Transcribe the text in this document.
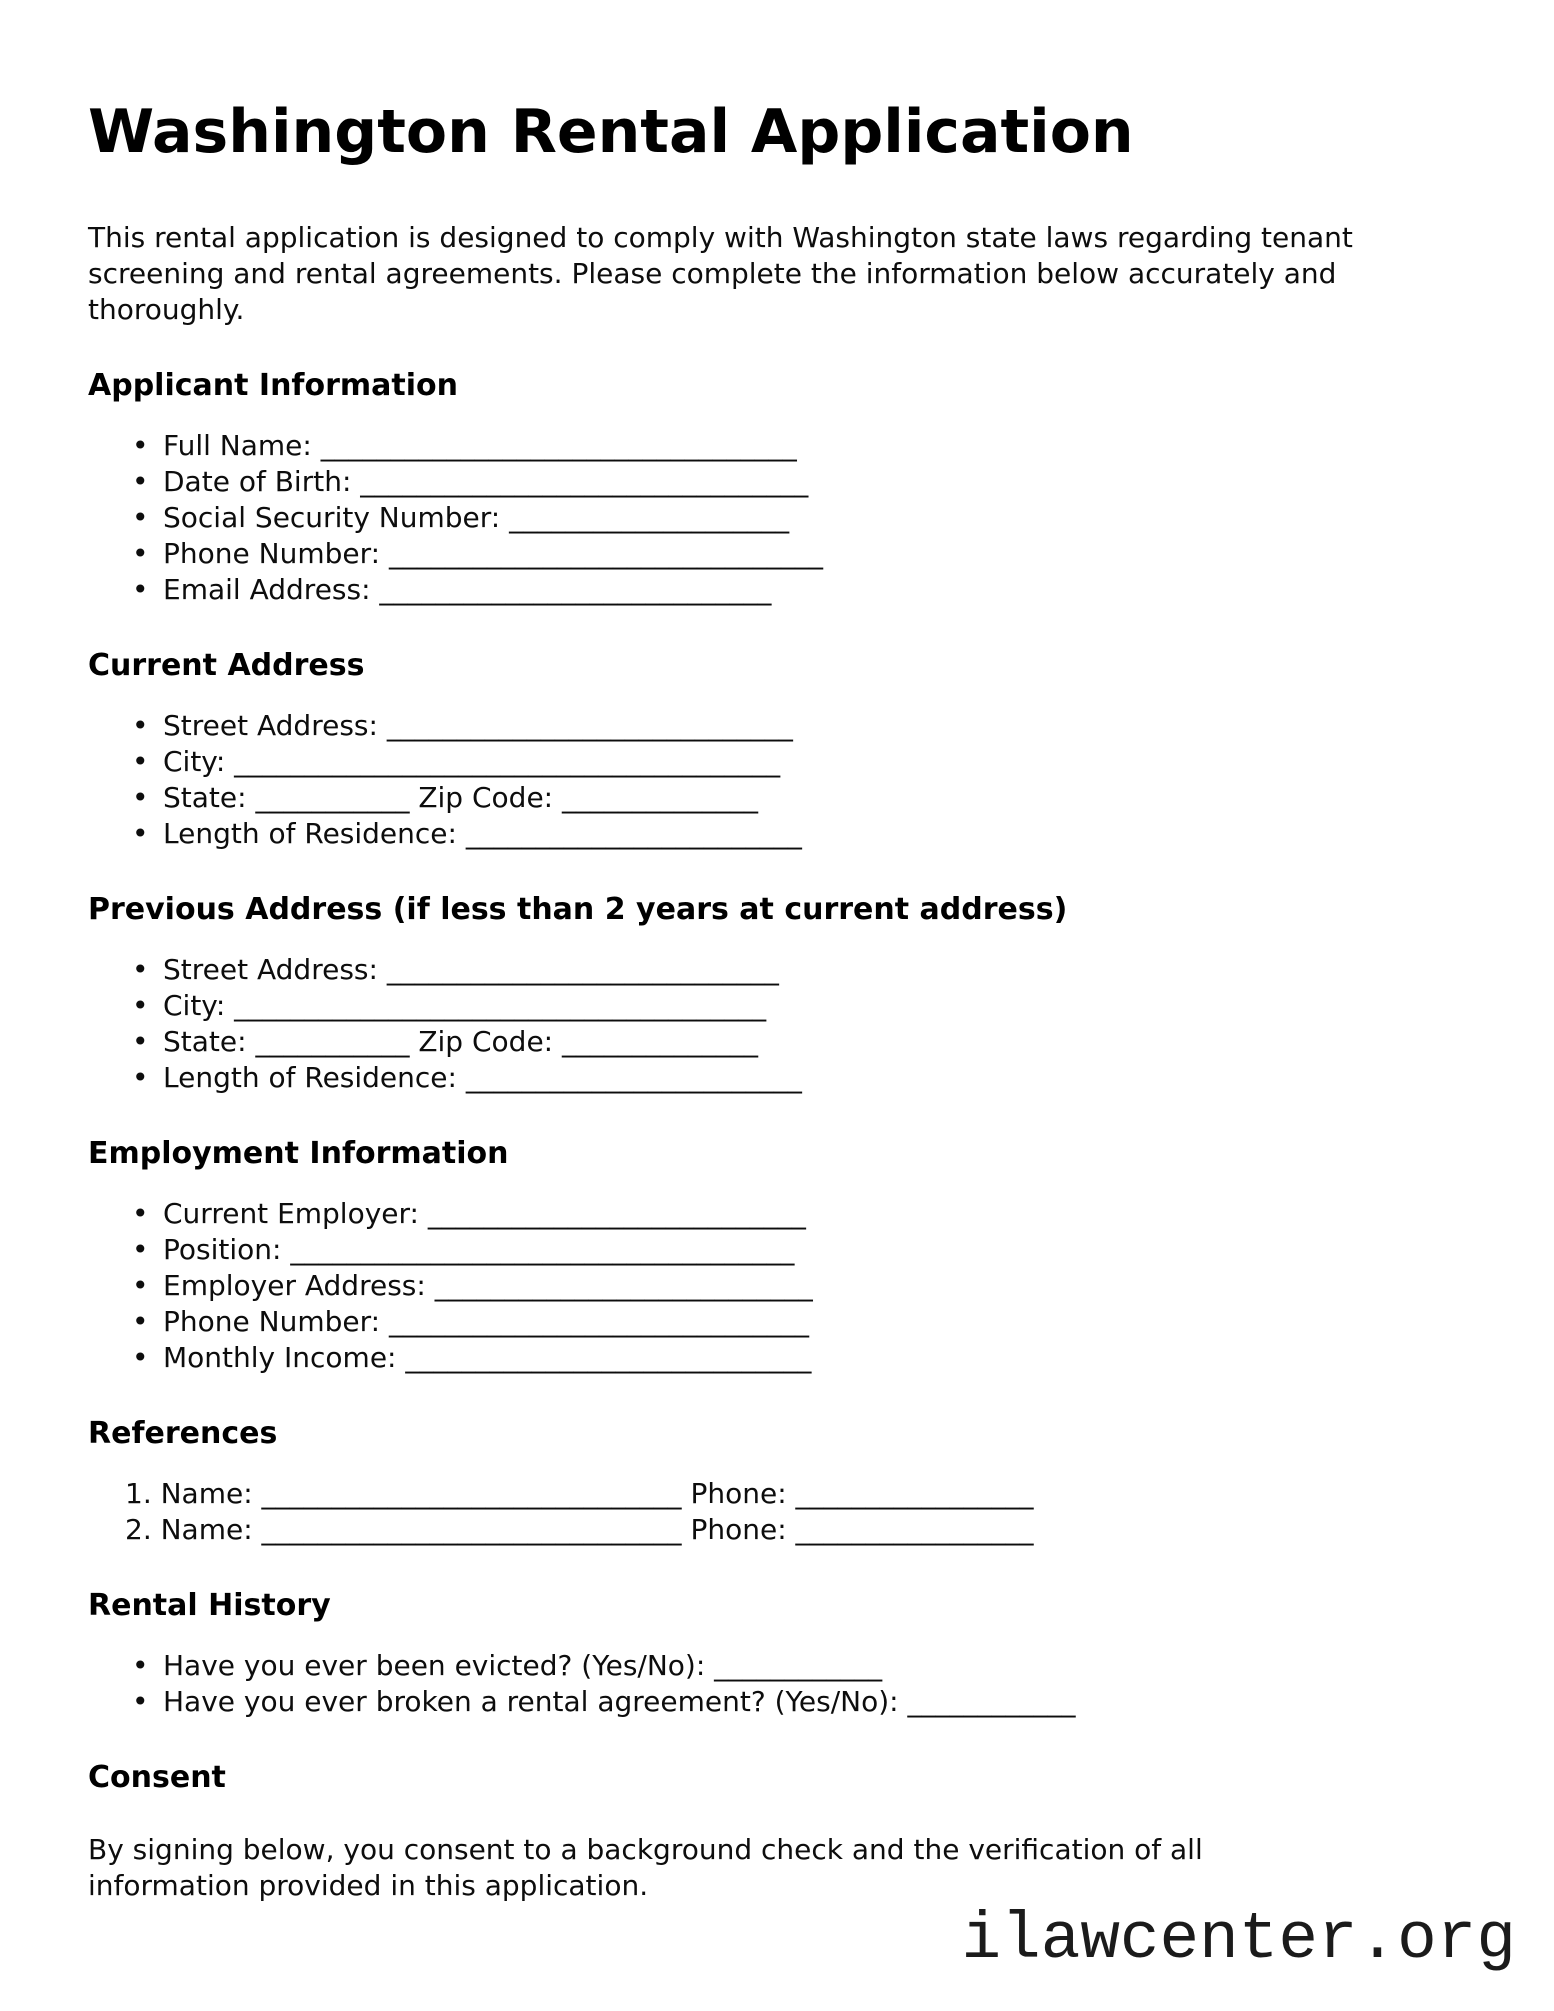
Washington Rental Application
This rental application is designed to comply with Washington state laws regarding tenant
screening and rental agreements. Please complete the information below accurately and
thoroughly.
Applicant Information
• Full Name: __________________________________
• Date of Birth: ________________________________
• Social Security Number: ____________________
• Phone Number: _______________________________
• Email Address: ____________________________
Current Address
• Street Address: _____________________________
• City: _______________________________________
• State: ___________ Zip Code: ______________
• Length of Residence: ________________________
Previous Address (if less than 2 years at current address)
• Street Address: ____________________________
• City: ______________________________________
• State: ___________ Zip Code: ______________
• Length of Residence: ________________________
Employment Information
• Current Employer: ___________________________
• Position: ____________________________________
• Employer Address: ___________________________
• Phone Number: ______________________________
• Monthly Income: _____________________________
References
1. Name: ______________________________ Phone: _________________
2. Name: ______________________________ Phone: _________________
Rental History
• Have you ever been evicted? (Yes/No): ____________
• Have you ever broken a rental agreement? (Yes/No): ____________
Consent
By signing below, you consent to a background check and the verification of all
information provided in this application.
ilawcenter.org
